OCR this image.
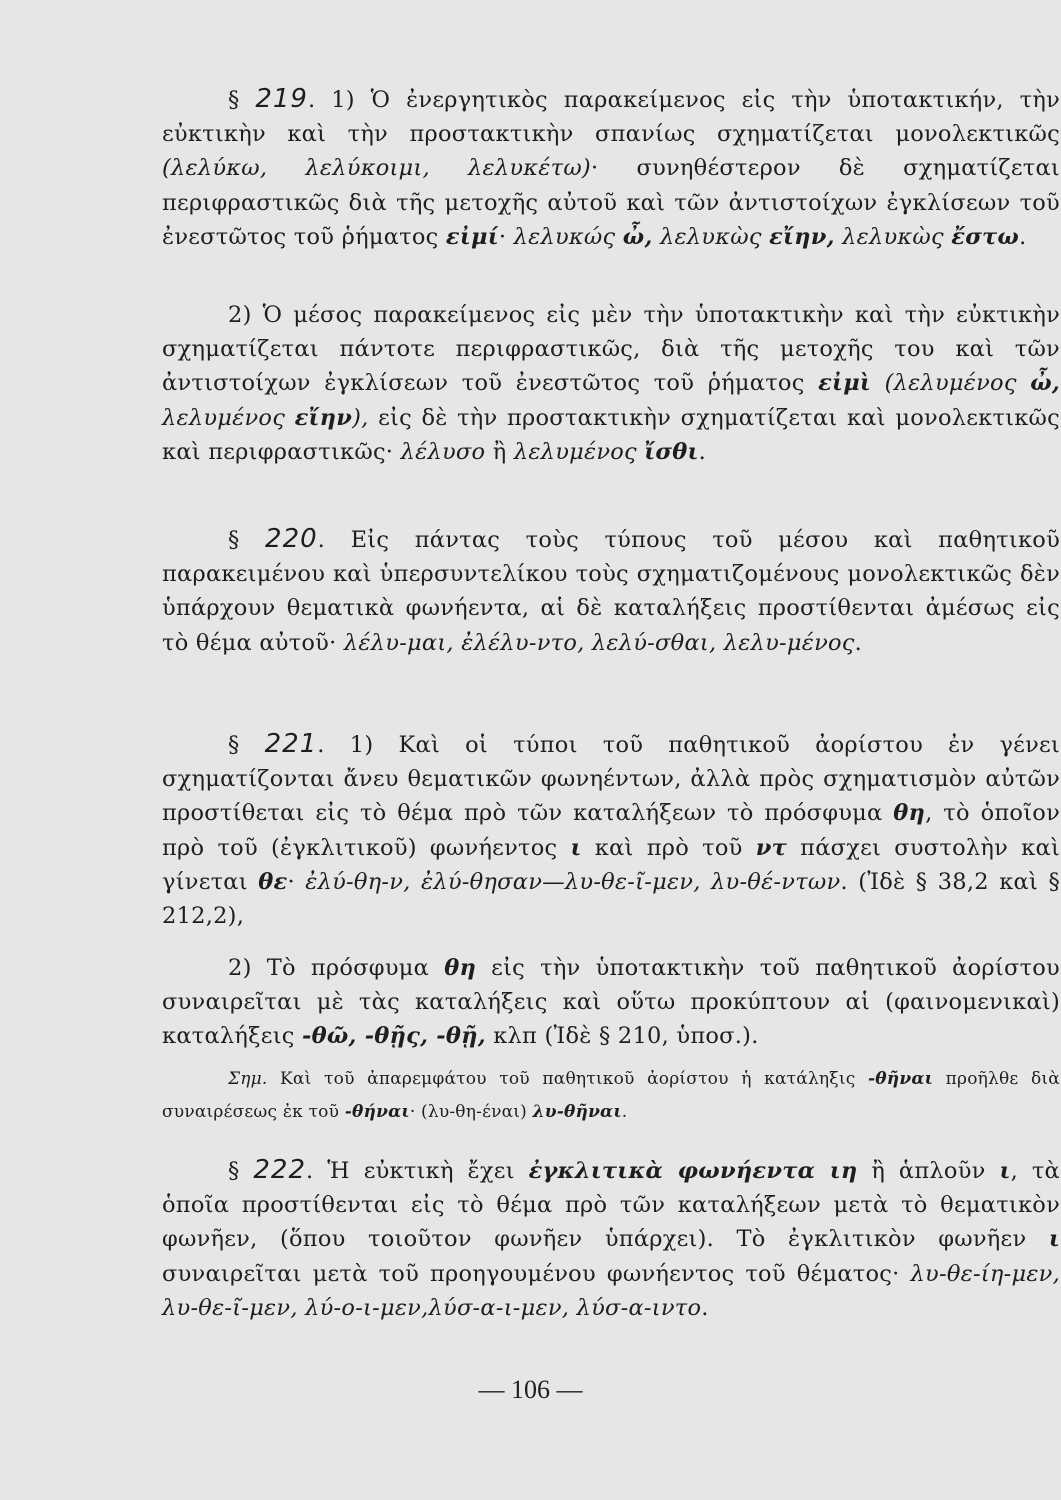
§ 219. 1) Ὁ ἐνεργητικὸς παρακείμενος εἰς τὴν ὑποτακτικήν, τὴν εὐκτικὴν καὶ τὴν προστακτικὴν σπανίως σχηματίζεται μονολεκτικῶς (λελύκω, λελύκοιμι, λελυκέτω)· συνηθέστερον δὲ σχηματίζεται περιφραστικῶς διὰ τῆς μετοχῆς αὐτοῦ καὶ τῶν ἀντιστοίχων ἐγκλίσεων τοῦ ἐνεστῶτος τοῦ ῥήματος εἰμί· λελυκώς ὦ, λελυκὼς εἴην, λελυκὼς ἔστω.

2) Ὁ μέσος παρακείμενος εἰς μὲν τὴν ὑποτακτικὴν καὶ τὴν εὐκτικὴν σχηματίζεται πάντοτε περιφραστικῶς, διὰ τῆς μετοχῆς του καὶ τῶν ἀντιστοίχων ἐγκλίσεων τοῦ ἐνεστῶτος τοῦ ῥήματος εἰμὶ (λελυμένος ὦ, λελυμένος εἴην), εἰς δὲ τὴν προστακτικὴν σχηματίζεται καὶ μονολεκτικῶς καὶ περιφραστικῶς· λέλυσο ἢ λελυμένος ἴσθι.

§ 220. Εἰς πάντας τοὺς τύπους τοῦ μέσου καὶ παθητικοῦ παρακειμένου καὶ ὑπερσυντελίκου τοὺς σχηματιζομένους μονολεκτικῶς δὲν ὑπάρχουν θεματικὰ φωνήεντα, αἱ δὲ καταλήξεις προστίθενται ἀμέσως εἰς τὸ θέμα αὐτοῦ· λέλυ-μαι, ἐλέλυ-ντο, λελύ-σθαι, λελυ-μένος.

§ 221. 1) Καὶ οἱ τύποι τοῦ παθητικοῦ ἀορίστου ἐν γένει σχηματίζονται ἄνευ θεματικῶν φωνηέντων, ἀλλὰ πρὸς σχηματισμὸν αὐτῶν προστίθεται εἰς τὸ θέμα πρὸ τῶν καταλήξεων τὸ πρόσφυμα θη, τὸ ὁποῖον πρὸ τοῦ (ἐγκλιτικοῦ) φωνήεντος ι καὶ πρὸ τοῦ ντ πάσχει συστολὴν καὶ γίνεται θε· ἐλύ-θη-ν, ἐλύ-θησαν—λυ-θε-ῖ-μεν, λυ-θέ-ντων. (Ἰδὲ § 38,2 καὶ § 212,2),

2) Τὸ πρόσφυμα θη εἰς τὴν ὑποτακτικὴν τοῦ παθητικοῦ ἀορίστου συναιρεῖται μὲ τὰς καταλήξεις καὶ οὕτω προκύπτουν αἱ (φαινομενικαὶ) καταλήξεις -θῶ, -θῇς, -θῇ, κλπ (Ἰδὲ § 210, ὑποσ.).

Σημ. Καὶ τοῦ ἀπαρεμφάτου τοῦ παθητικοῦ ἀορίστου ἡ κατάληξις -θῆναι προῆλθε διὰ συναιρέσεως ἐκ τοῦ -θήναι· (λυ-θη-έναι) λυ-θῆναι.

§ 222. Ἡ εὐκτικὴ ἔχει ἐγκλιτικὰ φωνήεντα ιη ἢ ἁπλοῦν ι, τὰ ὁποῖα προστίθενται εἰς τὸ θέμα πρὸ τῶν καταλήξεων μετὰ τὸ θεματικὸν φωνῆεν, (ὅπου τοιοῦτον φωνῆεν ὑπάρχει). Τὸ ἐγκλιτικὸν φωνῆεν ι συναιρεῖται μετὰ τοῦ προηγουμένου φωνήεντος τοῦ θέματος· λυ-θε-ίη-μεν, λυ-θε-ῖ-μεν, λύ-ο-ι-μεν,λύσ-α-ι-μεν, λύσ-α-ιντο.

— 106 —
